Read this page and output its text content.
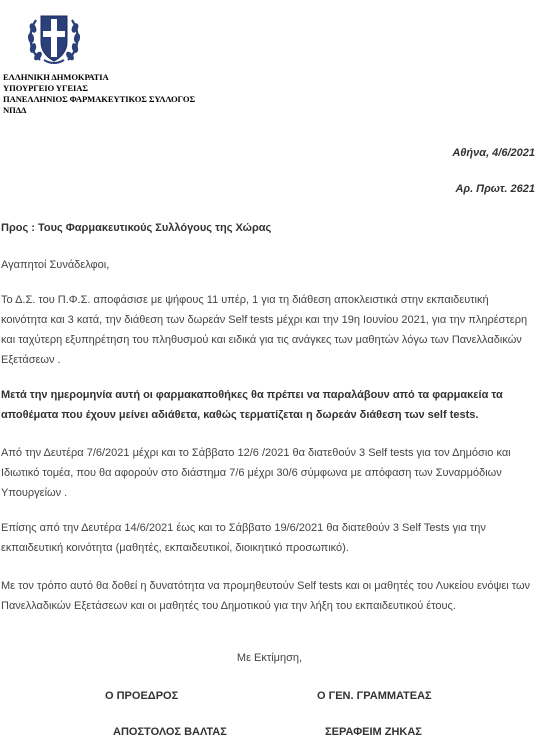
ΕΛΛΗΝΙΚΗ ΔΗΜΟΚΡΑΤΙΑ
ΥΠΟΥΡΓΕΙΟ ΥΓΕΙΑΣ
ΠΑΝΕΛΛΗΝΙΟΣ ΦΑΡΜΑΚΕΥΤΙΚΟΣ ΣΥΛΛΟΓΟΣ
ΝΠΔΔ
Αθήνα, 4/6/2021
Αρ. Πρωτ. 2621
Προς : Τους Φαρμακευτικούς Συλλόγους της Χώρας
Αγαπητοί Συνάδελφοι,
Το Δ.Σ. του Π.Φ.Σ. αποφάσισε με ψήφους 11 υπέρ, 1 για τη διάθεση αποκλειστικά στην εκπαιδευτική κοινότητα και 3 κατά, την διάθεση των δωρεάν Self tests μέχρι και την 19η Ιουνίου 2021, για την πληρέστερη και ταχύτερη εξυπηρέτηση του πληθυσμού και ειδικά για τις ανάγκες των μαθητών λόγω των Πανελλαδικών Εξετάσεων .
Μετά την ημερομηνία αυτή οι φαρμακαποθήκες θα πρέπει να παραλάβουν από τα φαρμακεία τα αποθέματα που έχουν μείνει αδιάθετα, καθώς τερματίζεται η δωρεάν διάθεση των self tests.
Από την Δευτέρα 7/6/2021 μέχρι και το Σάββατο 12/6 /2021 θα διατεθούν 3 Self tests για τον Δημόσιο και Ιδιωτικό τομέα, που θα αφορούν στο διάστημα 7/6 μέχρι 30/6 σύμφωνα με απόφαση των Συναρμόδιων Υπουργείων .
Επίσης από την Δευτέρα 14/6/2021 έως και το Σάββατο 19/6/2021 θα διατεθούν 3 Self Tests για την εκπαιδευτική κοινότητα (μαθητές, εκπαιδευτικοί, διοικητικό προσωπικό).
Με τον τρόπο αυτό θα δοθεί η δυνατότητα να προμηθευτούν Self tests και οι μαθητές του Λυκείου ενόψει των Πανελλαδικών Εξετάσεων και οι μαθητές του Δημοτικού για την λήξη του εκπαιδευτικού έτους.
Με Εκτίμηση,
Ο ΠΡΟΕΔΡΟΣ	Ο ΓΕΝ. ΓΡΑΜΜΑΤΕΑΣ
ΑΠΟΣΤΟΛΟΣ ΒΑΛΤΑΣ	ΣΕΡΑΦΕΙΜ ΖΗΚΑΣ
